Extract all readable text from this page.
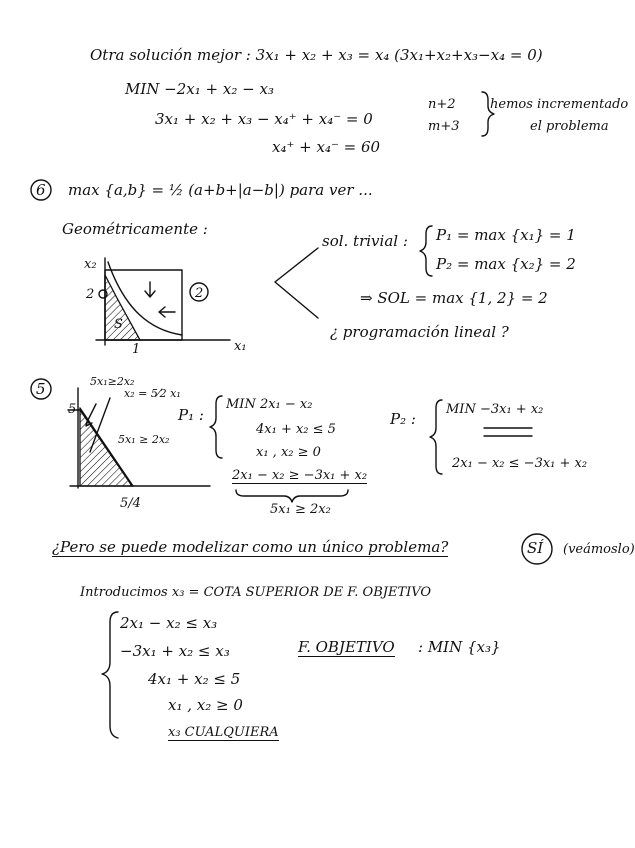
Otra solución mejor : 3x₁ + x₂ + x₃ = x₄ (3x₁+x₂+x₃−x₄ = 0)
MIN −2x₁ + x₂ − x₃
3x₁ + x₂ + x₃ − x₄⁺ + x₄⁻ = 0
x₄⁺ + x₄⁻ = 60
n+2
m+3
hemos incrementado
el problema
6 max {a,b} = ½ (a+b+|a−b|) para ver ...
Geométricamente :
x₂
x₁
2
1
2
sol. trivial : P₁ = max {x₁} = 1
P₂ = max {x₂} = 2
⇒ SOL = max {1, 2} = 2
¿ programación lineal ?
5	5x₁≥2x₂
x₂ = 5⁄2 x₁
5
5x₁ ≥ 2x₂
5/4
P₁ :
MIN 2x₁ − x₂
4x₁ + x₂ ≤ 5
x₁ , x₂ ≥ 0
2x₁ − x₂ ≥ −3x₁ + x₂
5x₁ ≥ 2x₂
P₂ :
MIN −3x₁ + x₂
2x₁ − x₂ ≤ −3x₁ + x₂
¿Pero se puede modelizar como un único problema?	SÍ (veámoslo)
Introducimos x₃ = COTA SUPERIOR DE F. OBJETIVO
2x₁ − x₂ ≤ x₃
−3x₁ + x₂ ≤ x₃
4x₁ + x₂ ≤ 5
x₁ , x₂ ≥ 0
x₃ CUALQUIERA
F. OBJETIVO : MIN {x₃}
